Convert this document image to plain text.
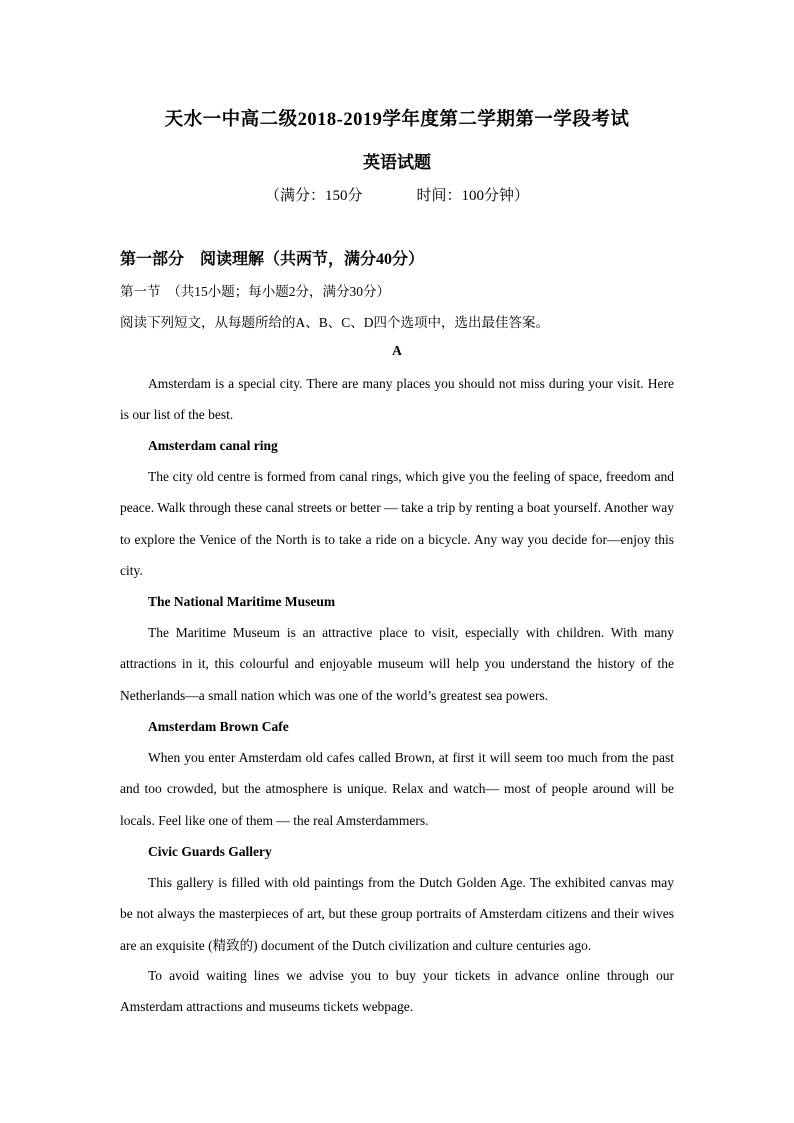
天水一中高二级2018-2019学年度第二学期第一学段考试
英语试题
（满分：150分	时间：100分钟）
第一部分　阅读理解（共两节，满分40分）
第一节　（共15小题；每小题2分，满分30分）
阅读下列短文，从每题所给的A、B、C、D四个选项中，选出最佳答案。
A

Amsterdam is a special city. There are many places you should not miss during your visit. Here is our list of the best.

Amsterdam canal ring

The city old centre is formed from canal rings, which give you the feeling of space, freedom and peace. Walk through these canal streets or better — take a trip by renting a boat yourself. Another way to explore the Venice of the North is to take a ride on a bicycle. Any way you decide for—enjoy this city.

The National Maritime Museum

The Maritime Museum is an attractive place to visit, especially with children. With many attractions in it, this colourful and enjoyable museum will help you understand the history of the Netherlands—a small nation which was one of the world’s greatest sea powers.

Amsterdam Brown Cafe

When you enter Amsterdam old cafes called Brown, at first it will seem too much from the past and too crowded, but the atmosphere is unique. Relax and watch— most of people around will be locals. Feel like one of them — the real Amsterdammers.

Civic Guards Gallery

This gallery is filled with old paintings from the Dutch Golden Age. The exhibited canvas may be not always the masterpieces of art, but these group portraits of Amsterdam citizens and their wives are an exquisite (精致的) document of the Dutch civilization and culture centuries ago.

To avoid waiting lines we advise you to buy your tickets in advance online through our Amsterdam attractions and museums tickets webpage.
